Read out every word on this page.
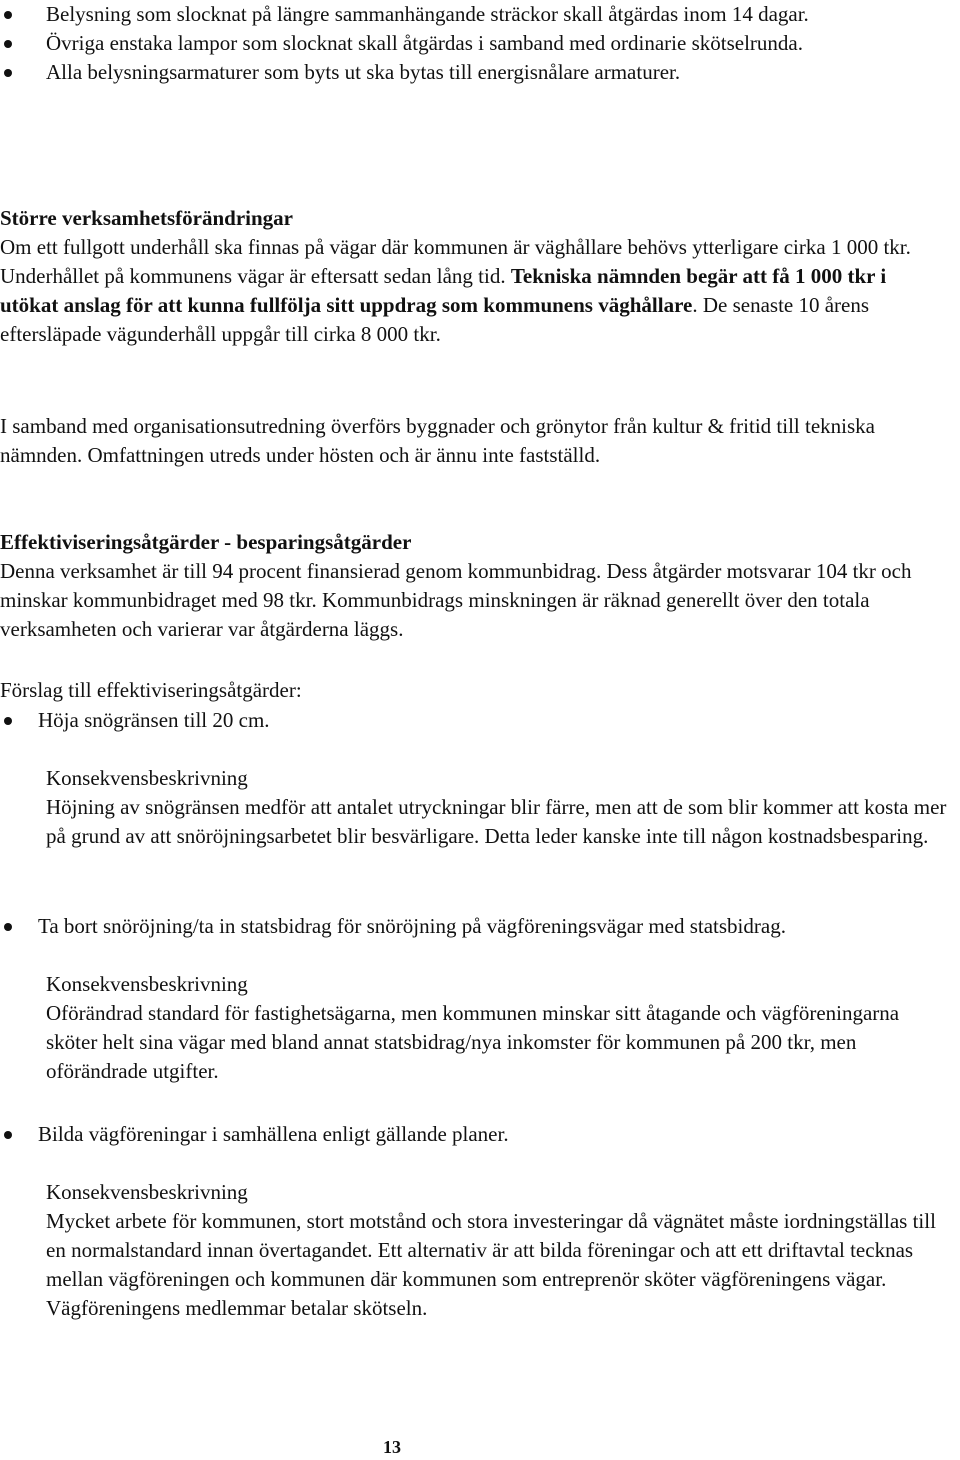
Belysning som slocknat på längre sammanhängande sträckor skall åtgärdas inom 14 dagar.

Övriga enstaka lampor som slocknat skall åtgärdas i samband med ordinarie skötselrunda.

Alla belysningsarmaturer som byts ut ska bytas till energisnålare armaturer.

Större verksamhetsförändringar

Om ett fullgott underhåll ska finnas på vägar där kommunen är väghållare behövs ytterligare cirka 1 000 tkr. Underhållet på kommunens vägar är eftersatt sedan lång tid. Tekniska nämnden begär att få 1 000 tkr i utökat anslag för att kunna fullfölja sitt uppdrag som kommunens väghållare. De senaste 10 årens eftersläpade vägunderhåll uppgår till cirka 8 000 tkr.

I samband med organisationsutredning överförs byggnader och grönytor från kultur & fritid till tekniska nämnden. Omfattningen utreds under hösten och är ännu inte fastställd.

Effektiviseringsåtgärder - besparingsåtgärder

Denna verksamhet är till 94 procent finansierad genom kommunbidrag. Dess åtgärder motsvarar 104 tkr och minskar kommunbidraget med 98 tkr. Kommunbidrags minskningen är räknad generellt över den totala verksamheten och varierar var åtgärderna läggs.

Förslag till effektiviseringsåtgärder:

Höja snögränsen till 20 cm.

Konsekvensbeskrivning

Höjning av snögränsen medför att antalet utryckningar blir färre, men att de som blir kommer att kosta mer på grund av att snöröjningsarbetet blir besvärligare. Detta leder kanske inte till någon kostnadsbesparing.

Ta bort snöröjning/ta in statsbidrag för snöröjning på vägföreningsvägar med statsbidrag.

Konsekvensbeskrivning

Oförändrad standard för fastighetsägarna, men kommunen minskar sitt åtagande och vägföreningarna sköter helt sina vägar med bland annat statsbidrag/nya inkomster för kommunen på 200 tkr, men oförändrade utgifter.

Bilda vägföreningar i samhällena enligt gällande planer.

Konsekvensbeskrivning

Mycket arbete för kommunen, stort motstånd och stora investeringar då vägnätet måste iordningställas till en normalstandard innan övertagandet. Ett alternativ är att bilda föreningar och att ett driftavtal tecknas mellan vägföreningen och kommunen där kommunen som entreprenör sköter vägföreningens vägar. Vägföreningens medlemmar betalar skötseln.

13
